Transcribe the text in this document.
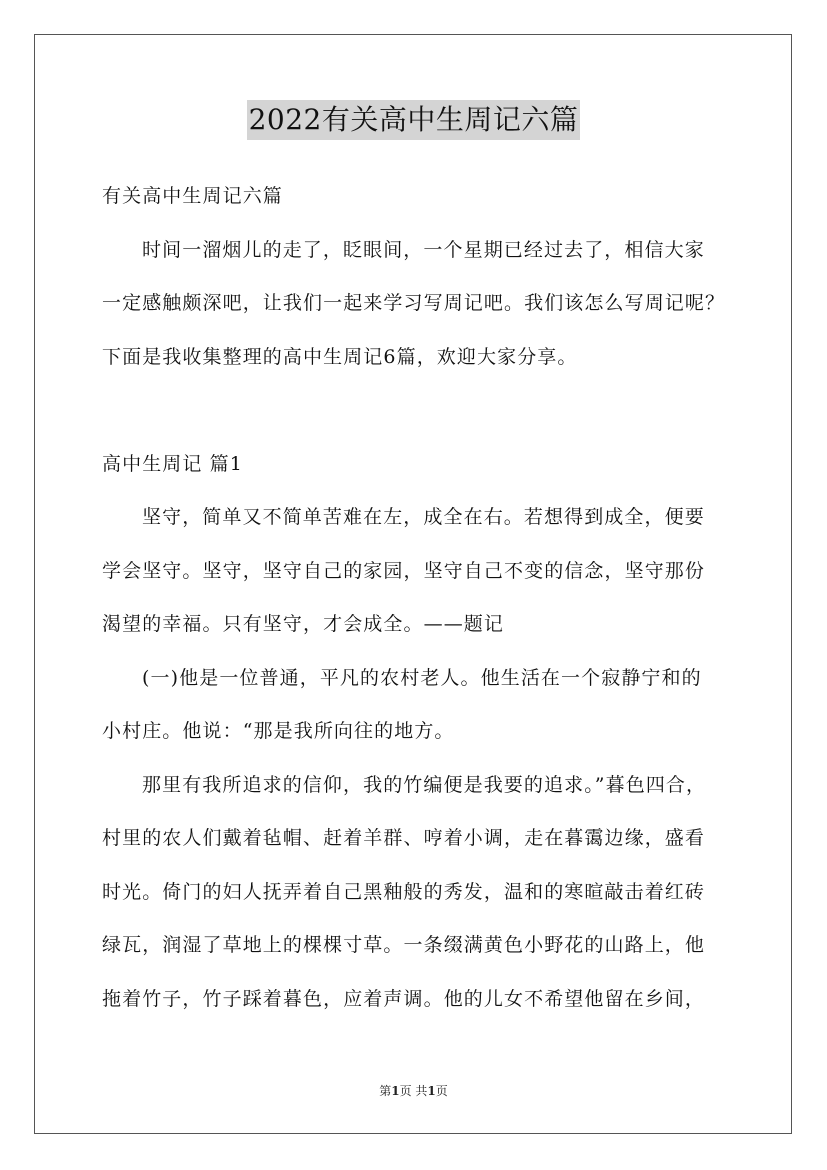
2022有关高中生周记六篇
有关高中生周记六篇
时间一溜烟儿的走了，眨眼间，一个星期已经过去了，相信大家
一定感触颇深吧，让我们一起来学习写周记吧。我们该怎么写周记呢？
下面是我收集整理的高中生周记6篇，欢迎大家分享。
高中生周记 篇1
坚守，简单又不简单苦难在左，成全在右。若想得到成全，便要
学会坚守。坚守，坚守自己的家园，坚守自己不变的信念，坚守那份
渴望的幸福。只有坚守，才会成全。——题记
(一)他是一位普通，平凡的农村老人。他生活在一个寂静宁和的
小村庄。他说：“那是我所向往的地方。
那里有我所追求的信仰，我的竹编便是我要的追求。”暮色四合，
村里的农人们戴着毡帽、赶着羊群、哼着小调，走在暮霭边缘，盛看
时光。倚门的妇人抚弄着自己黑釉般的秀发，温和的寒暄敲击着红砖
绿瓦，润湿了草地上的棵棵寸草。一条缀满黄色小野花的山路上，他
拖着竹子，竹子踩着暮色，应着声调。他的儿女不希望他留在乡间，
第1页 共1页
